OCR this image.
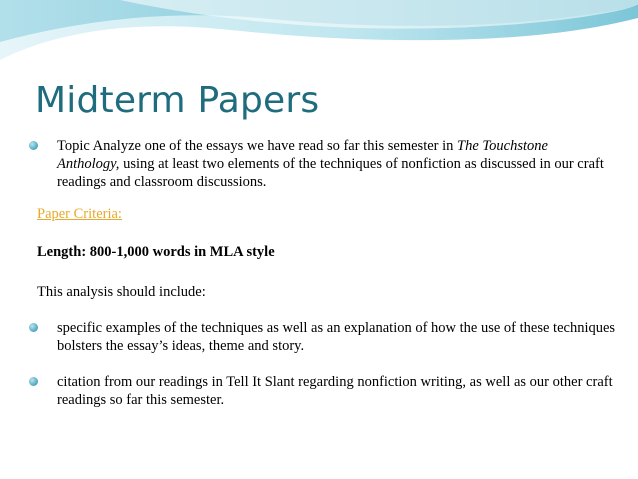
Midterm Papers
Topic Analyze one of the essays we have read so far this semester in The Touchstone Anthology, using at least two elements of the techniques of nonfiction as discussed in our craft readings and classroom discussions.
Paper Criteria:
Length: 800-1,000 words in MLA style
This analysis should include:
specific examples of the techniques as well as an explanation of how the use of these techniques bolsters the essay’s ideas, theme and story.
citation from our readings in Tell It Slant regarding nonfiction writing, as well as our other craft readings so far this semester.
